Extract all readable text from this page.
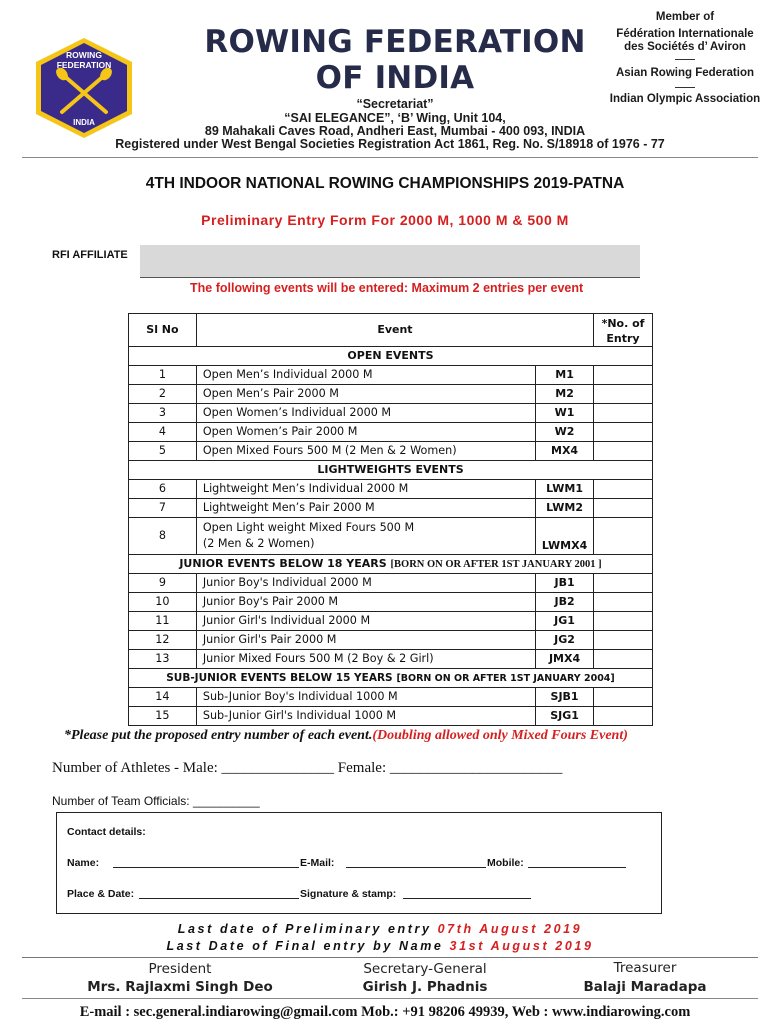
ROWING
FEDERATION
INDIA
ROWING FEDERATION
OF INDIA
“Secretariat”
“SAI ELEGANCE”, ‘B’ Wing, Unit 104,
89 Mahakali Caves Road, Andheri East, Mumbai - 400 093, INDIA
Registered under West Bengal Societies Registration Act 1861, Reg. No. S/18918 of 1976 - 77
Member of
Fédération Internationale
des Sociétés d’ Aviron
Asian Rowing Federation
Indian Olympic Association
4TH INDOOR NATIONAL ROWING CHAMPIONSHIPS 2019-PATNA
Preliminary Entry Form For 2000 M, 1000 M & 500 M
RFI AFFILIATE
The following events will be entered: Maximum 2 entries per event
Sl No	Event		*No. of
Entry
OPEN EVENTS			
1	Open Men’s Individual 2000 M	M1	
2	Open Men’s Pair 2000 M	M2	
3	Open Women’s Individual 2000 M	W1	
4	Open Women’s Pair 2000 M	W2	
5	Open Mixed Fours 500 M (2 Men & 2 Women)	MX4	
LIGHTWEIGHTS EVENTS			
6	Lightweight Men’s Individual 2000 M	LWM1	
7	Lightweight Men’s Pair 2000 M	LWM2	
8	Open Light weight Mixed Fours 500 M
(2 Men & 2 Women)	LWMX4	
JUNIOR EVENTS BELOW 18 YEARS [BORN ON OR AFTER 1ST JANUARY 2001 ]			
9	Junior Boy's Individual 2000 M	JB1	
10	Junior Boy's Pair 2000 M	JB2	
11	Junior Girl's Individual 2000 M	JG1	
12	Junior Girl's Pair 2000 M	JG2	
13	Junior Mixed Fours 500 M (2 Boy & 2 Girl)	JMX4	
SUB-JUNIOR EVENTS BELOW 15 YEARS [BORN ON OR AFTER 1ST JANUARY 2004]			
14	Sub-Junior Boy's Individual 1000 M	SJB1	
15	Sub-Junior Girl's Individual 1000 M	SJG1	
*Please put the proposed entry number of each event.(Doubling allowed only Mixed Fours Event)
Number of Athletes - Male: _______________ Female: _______________________
Number of Team Officials: __________
Contact details:
Name:	E-Mail:	Mobile:
Place & Date:	Signature & stamp:
Last date of Preliminary entry 07th August 2019
Last Date of Final entry by Name 31st August 2019
President
Mrs. Rajlaxmi Singh Deo
Secretary-General
Girish J. Phadnis
Treasurer
Balaji Maradapa
E-mail : sec.general.indiarowing@gmail.com Mob.: +91 98206 49939, Web : www.indiarowing.com
